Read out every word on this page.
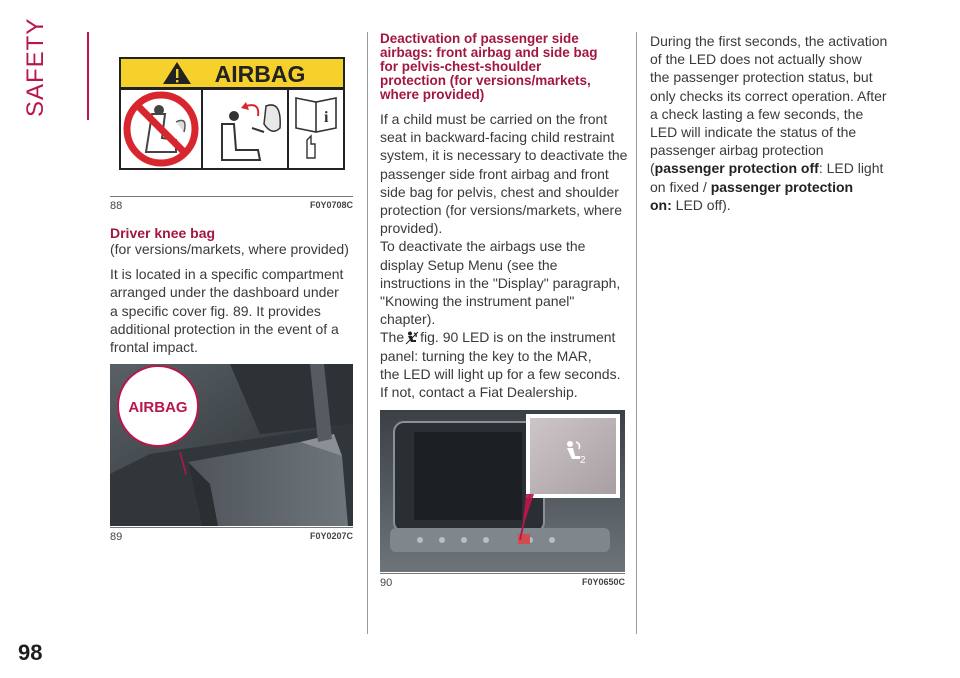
SAFETY
98
AIRBAG
i
88	F0Y0708C
Driver knee bag
(for versions/markets, where provided)
It is located in a specific compartment
arranged under the dashboard under
a specific cover fig. 89. It provides
additional protection in the event of a
frontal impact.
AIRBAG
89	F0Y0207C
Deactivation of passenger side
airbags: front airbag and side bag
for pelvis-chest-shoulder
protection (for versions/markets,
where provided)
If a child must be carried on the front
seat in backward-facing child restraint
system, it is necessary to deactivate the
passenger side front airbag and front
side bag for pelvis, chest and shoulder
protection (for versions/markets, where
provided).
To deactivate the airbags use the
display Setup Menu (see the
instructions in the "Display" paragraph,
"Knowing the instrument panel"
chapter).
The fig. 90 LED is on the instrument
panel: turning the key to the MAR,
the LED will light up for a few seconds.
If not, contact a Fiat Dealership.
2
90	F0Y0650C
During the first seconds, the activation
of the LED does not actually show
the passenger protection status, but
only checks its correct operation. After
a check lasting a few seconds, the
LED will indicate the status of the
passenger airbag protection
(passenger protection off: LED light
on fixed / passenger protection
on: LED off).
